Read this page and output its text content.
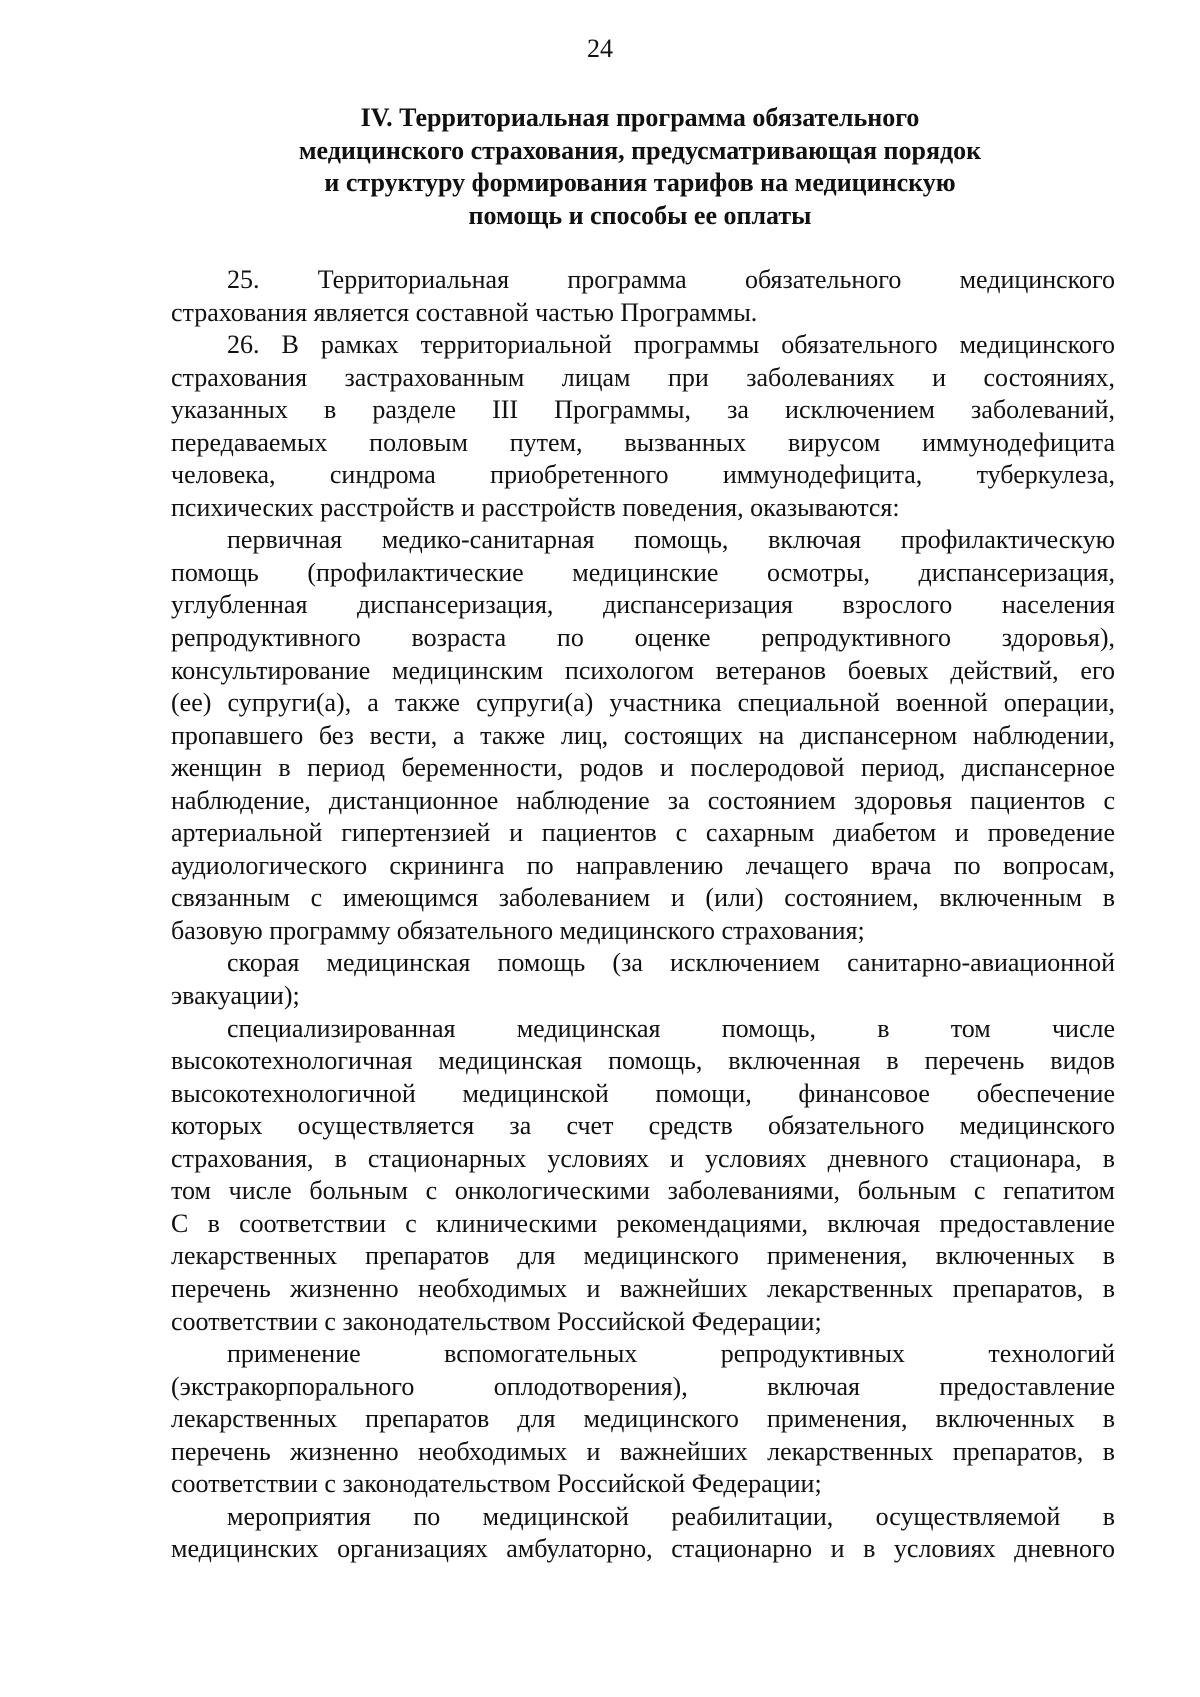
24
IV. Территориальная программа обязательного
медицинского страхования, предусматривающая порядок
и структуру формирования тарифов на медицинскую
помощь и способы ее оплаты
25. Территориальная программа обязательного медицинского
страхования является составной частью Программы.
26. В рамках территориальной программы обязательного медицинского
страхования застрахованным лицам при заболеваниях и состояниях,
указанных в разделе III Программы, за исключением заболеваний,
передаваемых половым путем, вызванных вирусом иммунодефицита
человека, синдрома приобретенного иммунодефицита, туберкулеза,
психических расстройств и расстройств поведения, оказываются:
первичная медико-санитарная помощь, включая профилактическую
помощь (профилактические медицинские осмотры, диспансеризация,
углубленная диспансеризация, диспансеризация взрослого населения
репродуктивного возраста по оценке репродуктивного здоровья),
консультирование медицинским психологом ветеранов боевых действий, его
(ее) супруги(а), а также супруги(а) участника специальной военной операции,
пропавшего без вести, а также лиц, состоящих на диспансерном наблюдении,
женщин в период беременности, родов и послеродовой период, диспансерное
наблюдение, дистанционное наблюдение за состоянием здоровья пациентов с
артериальной гипертензией и пациентов с сахарным диабетом и проведение
аудиологического скрининга по направлению лечащего врача по вопросам,
связанным с имеющимся заболеванием и (или) состоянием, включенным в
базовую программу обязательного медицинского страхования;
скорая медицинская помощь (за исключением санитарно-авиационной
эвакуации);
специализированная медицинская помощь, в том числе
высокотехнологичная медицинская помощь, включенная в перечень видов
высокотехнологичной медицинской помощи, финансовое обеспечение
которых осуществляется за счет средств обязательного медицинского
страхования, в стационарных условиях и условиях дневного стационара, в
том числе больным с онкологическими заболеваниями, больным с гепатитом
С в соответствии с клиническими рекомендациями, включая предоставление
лекарственных препаратов для медицинского применения, включенных в
перечень жизненно необходимых и важнейших лекарственных препаратов, в
соответствии с законодательством Российской Федерации;
применение вспомогательных репродуктивных технологий
(экстракорпорального оплодотворения), включая предоставление
лекарственных препаратов для медицинского применения, включенных в
перечень жизненно необходимых и важнейших лекарственных препаратов, в
соответствии с законодательством Российской Федерации;
мероприятия по медицинской реабилитации, осуществляемой в
медицинских организациях амбулаторно, стационарно и в условиях дневного
